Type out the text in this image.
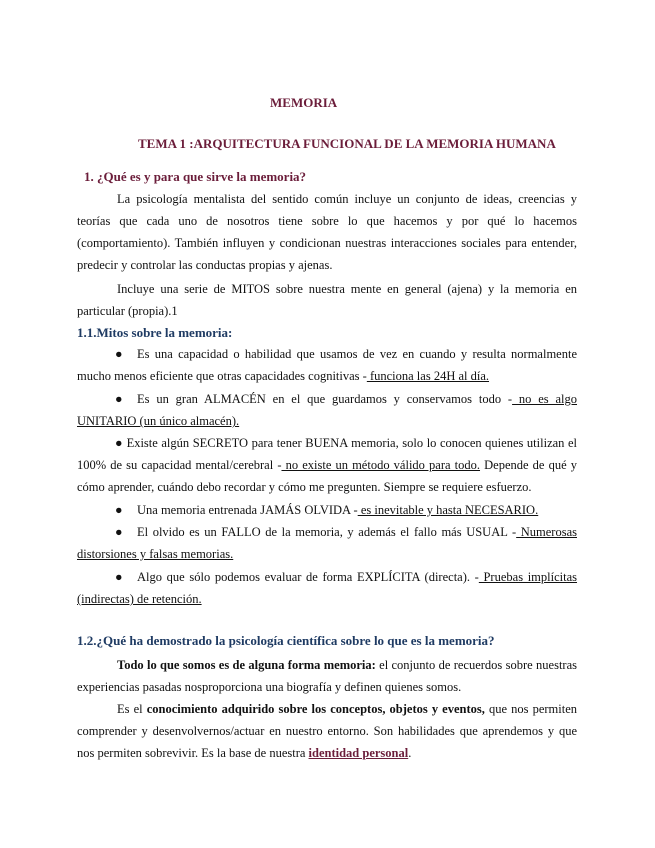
MEMORIA
TEMA 1 :ARQUITECTURA FUNCIONAL DE LA MEMORIA HUMANA
1. ¿Qué es y para que sirve la memoria?

La psicología mentalista del sentido común incluye un conjunto de ideas, creencias y teorías que cada uno de nosotros tiene sobre lo que hacemos y por qué lo hacemos (comportamiento). También influyen y condicionan nuestras interacciones sociales para entender, predecir y controlar las conductas propias y ajenas.

Incluye una serie de MITOS sobre nuestra mente en general (ajena) y la memoria en particular (propia).1

1.1.Mitos sobre la memoria:

● Es una capacidad o habilidad que usamos de vez en cuando y resulta normalmente mucho menos eficiente que otras capacidades cognitivas - funciona las 24H al día.

● Es un gran ALMACÉN en el que guardamos y conservamos todo - no es algo UNITARIO (un único almacén).

● Existe algún SECRETO para tener BUENA memoria, solo lo conocen quienes utilizan el 100% de su capacidad mental/cerebral - no existe un método válido para todo. Depende de qué y cómo aprender, cuándo debo recordar y cómo me pregunten. Siempre se requiere esfuerzo.

● Una memoria entrenada JAMÁS OLVIDA - es inevitable y hasta NECESARIO.

● El olvido es un FALLO de la memoria, y además el fallo más USUAL - Numerosas distorsiones y falsas memorias.

● Algo que sólo podemos evaluar de forma EXPLÍCITA (directa). - Pruebas implícitas (indirectas) de retención.

1.2.¿Qué ha demostrado la psicología científica sobre lo que es la memoria?

Todo lo que somos es de alguna forma memoria: el conjunto de recuerdos sobre nuestras experiencias pasadas nosproporciona una biografía y definen quienes somos.

Es el conocimiento adquirido sobre los conceptos, objetos y eventos, que nos permiten comprender y desenvolvernos/actuar en nuestro entorno. Son habilidades que aprendemos y que nos permiten sobrevivir. Es la base de nuestra identidad personal.
